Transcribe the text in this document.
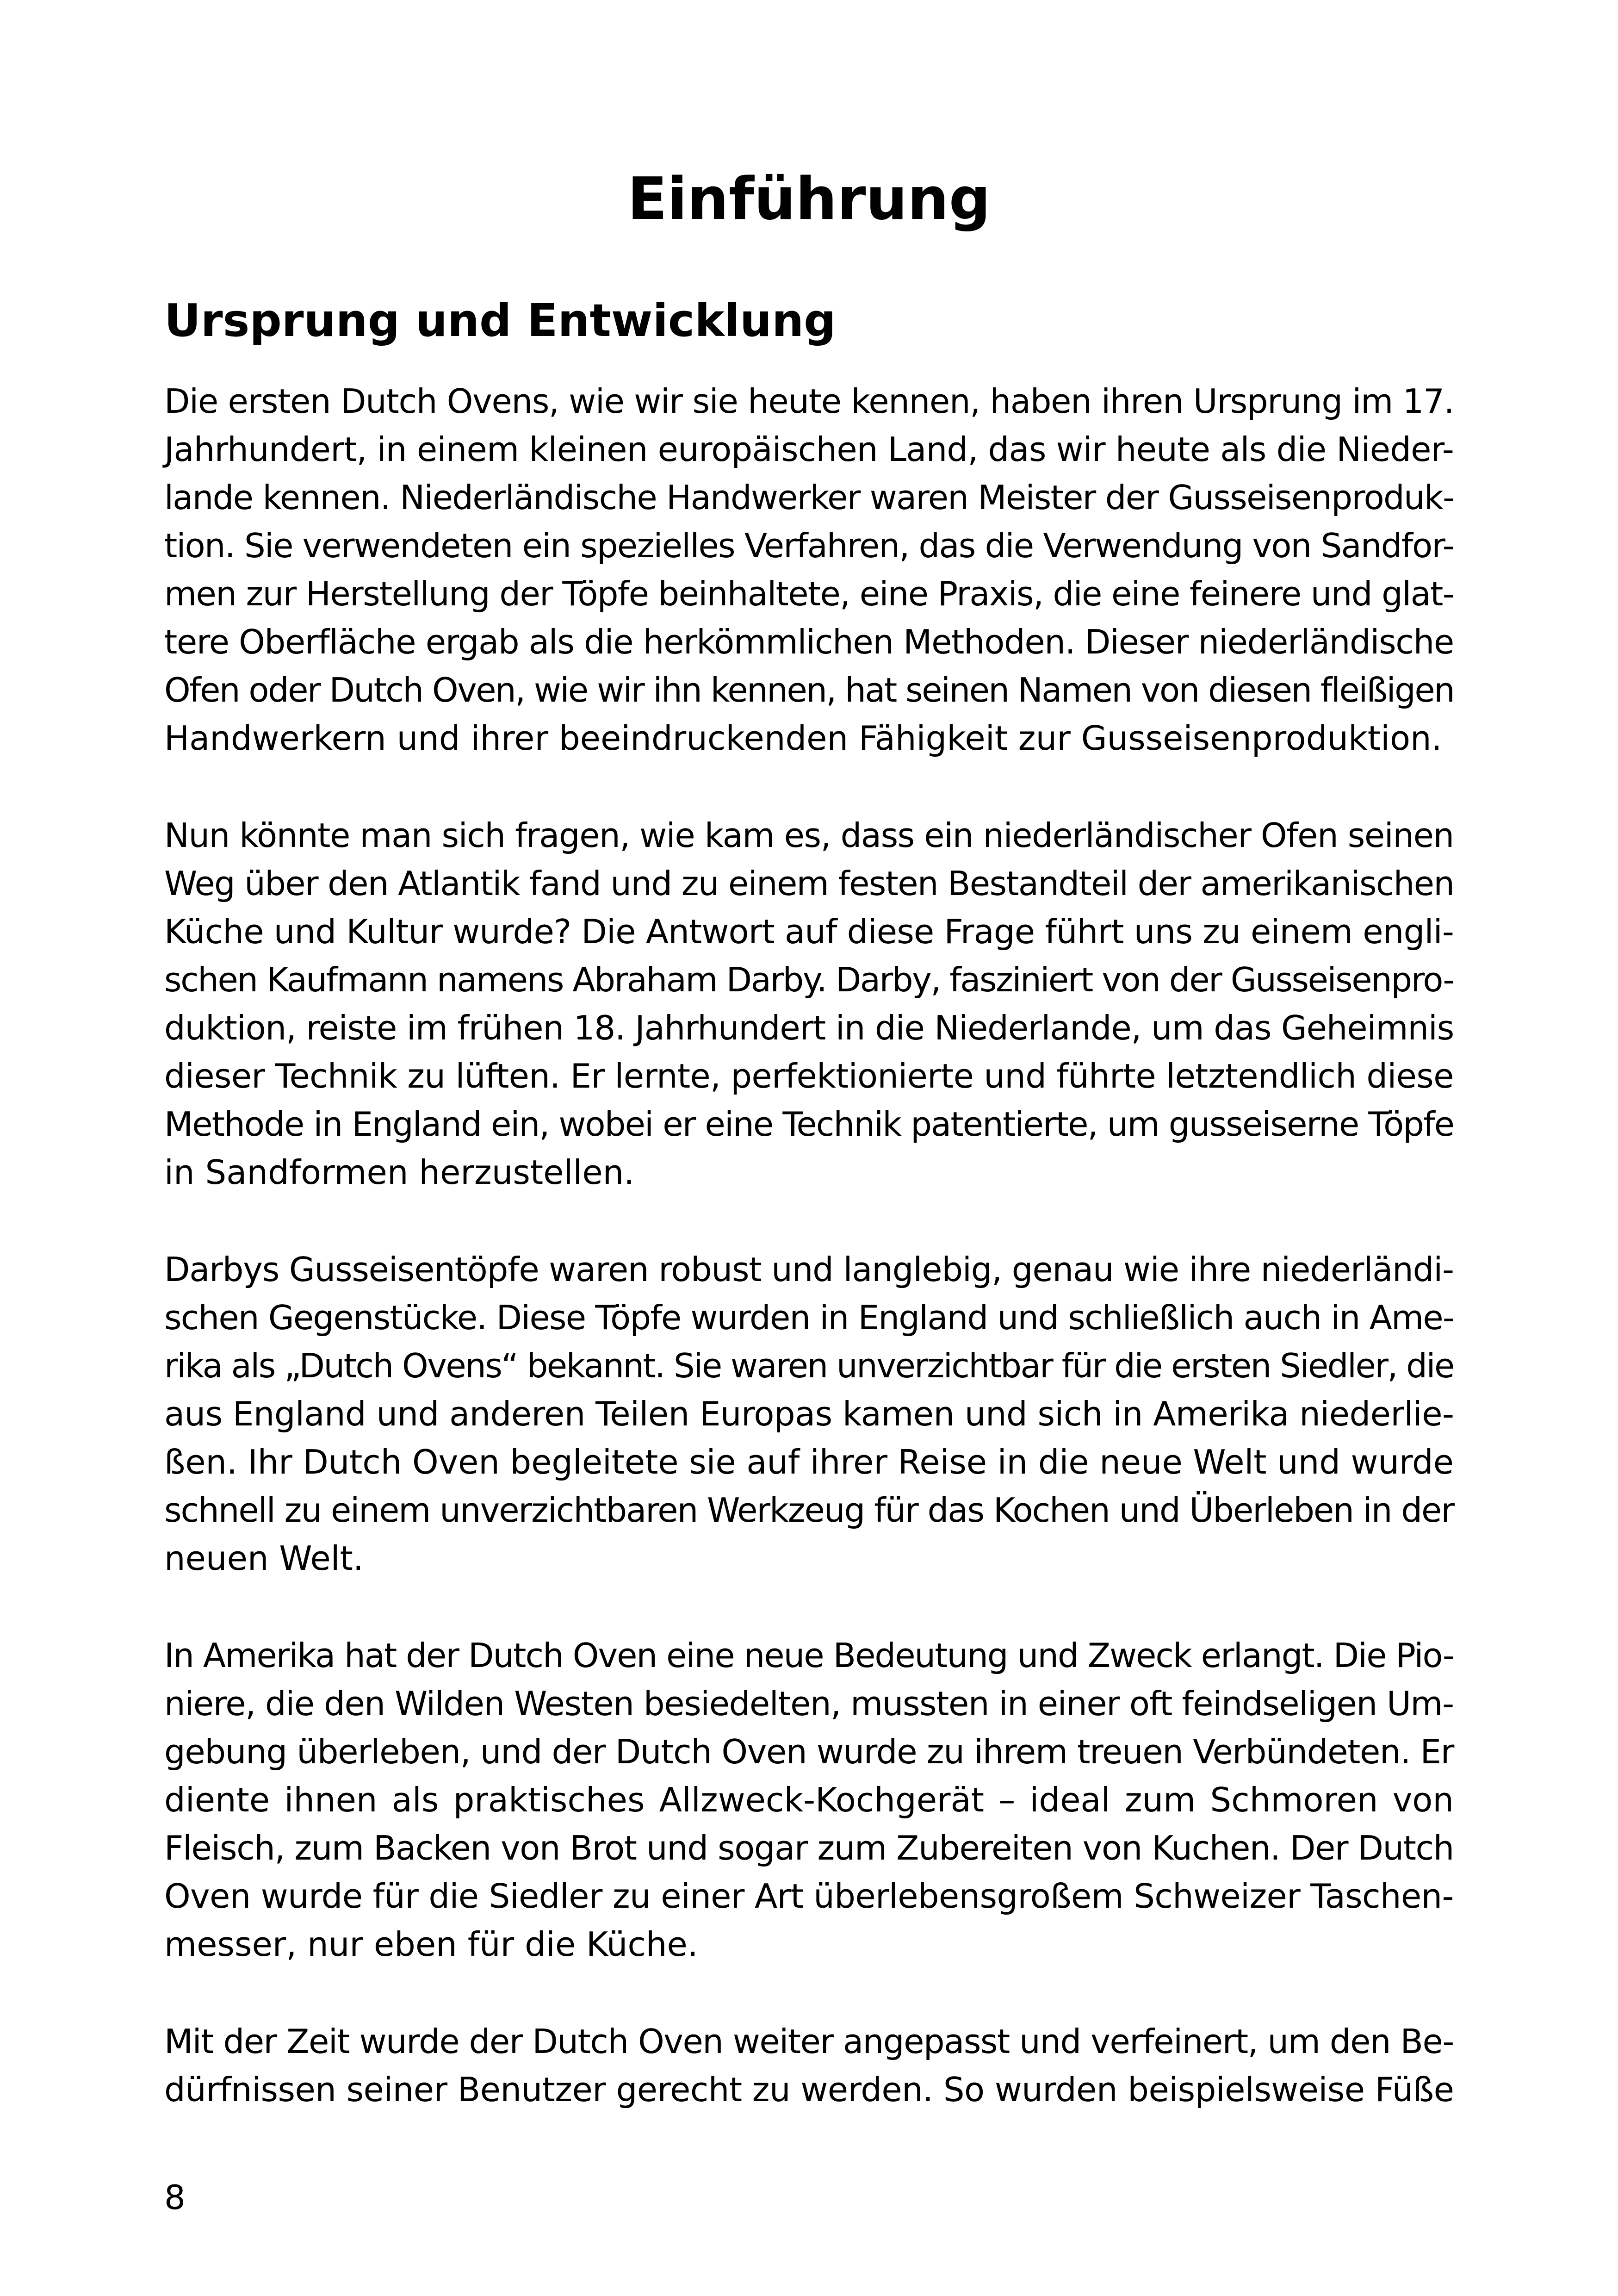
Einführung
Ursprung und Entwicklung
Die ersten Dutch Ovens, wie wir sie heute kennen, haben ihren Ursprung im 17.
Jahrhundert, in einem kleinen europäischen Land, das wir heute als die Nieder-
lande kennen. Niederländische Handwerker waren Meister der Gusseisenproduk-
tion. Sie verwendeten ein spezielles Verfahren, das die Verwendung von Sandfor-
men zur Herstellung der Töpfe beinhaltete, eine Praxis, die eine feinere und glat-
tere Oberfläche ergab als die herkömmlichen Methoden. Dieser niederländische
Ofen oder Dutch Oven, wie wir ihn kennen, hat seinen Namen von diesen fleißigen
Handwerkern und ihrer beeindruckenden Fähigkeit zur Gusseisenproduktion.
Nun könnte man sich fragen, wie kam es, dass ein niederländischer Ofen seinen
Weg über den Atlantik fand und zu einem festen Bestandteil der amerikanischen
Küche und Kultur wurde? Die Antwort auf diese Frage führt uns zu einem engli-
schen Kaufmann namens Abraham Darby. Darby, fasziniert von der Gusseisenpro-
duktion, reiste im frühen 18. Jahrhundert in die Niederlande, um das Geheimnis
dieser Technik zu lüften. Er lernte, perfektionierte und führte letztendlich diese
Methode in England ein, wobei er eine Technik patentierte, um gusseiserne Töpfe
in Sandformen herzustellen.
Darbys Gusseisentöpfe waren robust und langlebig, genau wie ihre niederländi-
schen Gegenstücke. Diese Töpfe wurden in England und schließlich auch in Ame-
rika als „Dutch Ovens“ bekannt. Sie waren unverzichtbar für die ersten Siedler, die
aus England und anderen Teilen Europas kamen und sich in Amerika niederlie-
ßen. Ihr Dutch Oven begleitete sie auf ihrer Reise in die neue Welt und wurde
schnell zu einem unverzichtbaren Werkzeug für das Kochen und Überleben in der
neuen Welt.
In Amerika hat der Dutch Oven eine neue Bedeutung und Zweck erlangt. Die Pio-
niere, die den Wilden Westen besiedelten, mussten in einer oft feindseligen Um-
gebung überleben, und der Dutch Oven wurde zu ihrem treuen Verbündeten. Er
diente ihnen als praktisches Allzweck-Kochgerät – ideal zum Schmoren von
Fleisch, zum Backen von Brot und sogar zum Zubereiten von Kuchen. Der Dutch
Oven wurde für die Siedler zu einer Art überlebensgroßem Schweizer Taschen-
messer, nur eben für die Küche.
Mit der Zeit wurde der Dutch Oven weiter angepasst und verfeinert, um den Be-
dürfnissen seiner Benutzer gerecht zu werden. So wurden beispielsweise Füße
8
